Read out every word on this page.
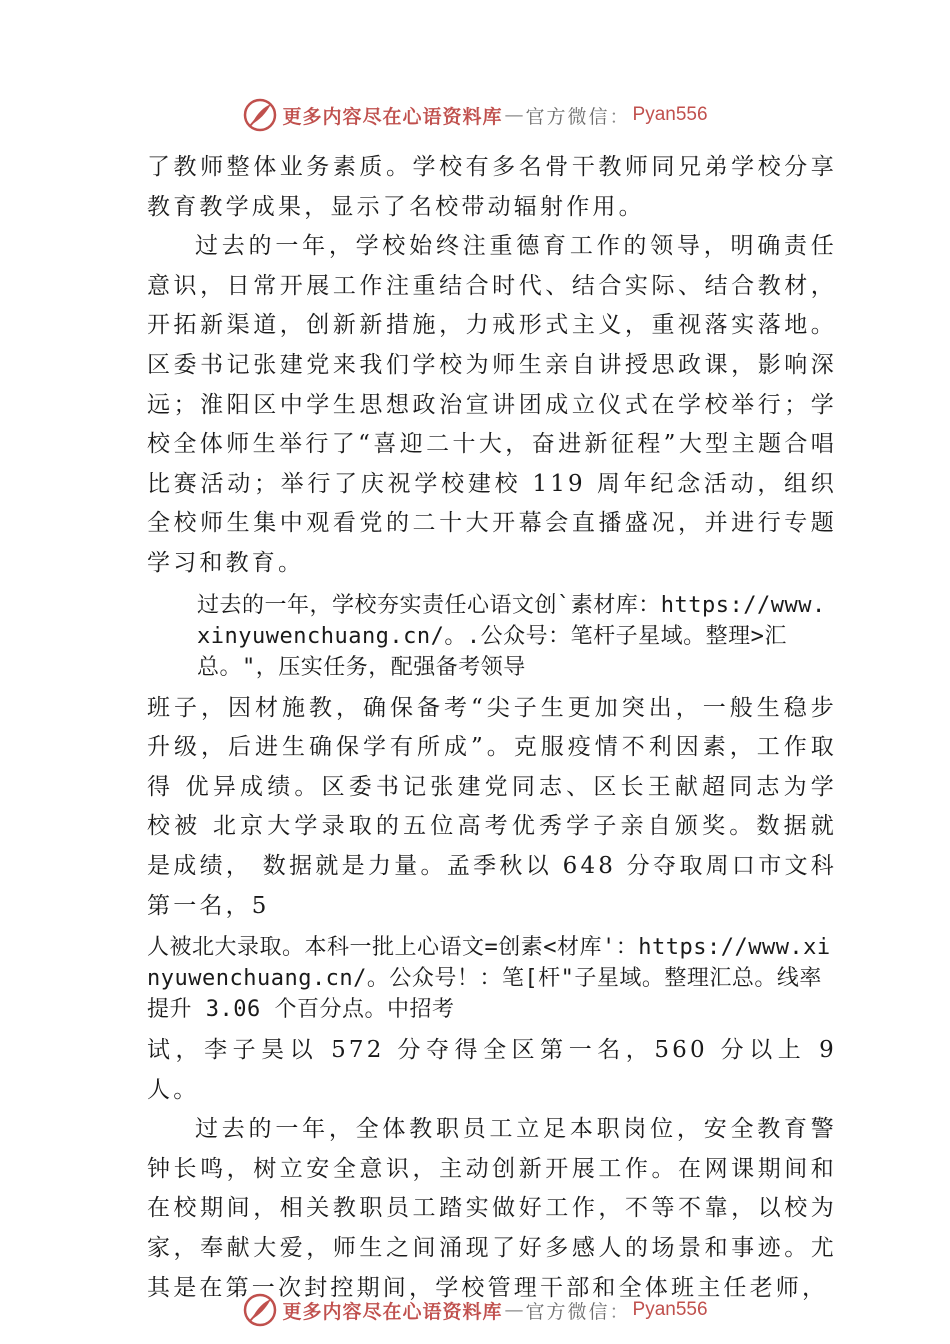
更多内容尽在心语资料库 — 官方微信 ： Pyan556

了教师整体业务素质。学校有多名骨干教师同兄弟学校分享教育教学成果，显示了名校带动辐射作用。

过去的一年，学校始终注重德育工作的领导，明确责任意识，日常开展工作注重结合时代、结合实际、结合教材， 开拓新渠道，创新新措施，力戒形式主义，重视落实落地。 区委书记张建党来我们学校为师生亲自讲授思政课，影响深远；淮阳区中学生思想政治宣讲团成立仪式在学校举行；学校全体师生举行了“喜迎二十大，奋进新征程”大型主题合唱比赛活动；举行了庆祝学校建校 119 周年纪念活动，组织全校师生集中观看党的二十大开幕会直播盛况，并进行专题学习和教育。

过去的一年，学校夯实责任心语文创`素材库：https://www.xinyuwenchuang.cn/。.公众号：笔杆子星域。整理>汇总。"，压实任务，配强备考领导

班子，因材施教，确保备考“尖子生更加突出，一般生稳步升级，后进生确保学有所成”。克服疫情不利因素，工作取得 优异成绩。区委书记张建党同志、区长王献超同志为学校被 北京大学录取的五位高考优秀学子亲自颁奖。数据就是成绩， 数据就是力量。孟季秋以 648 分夺取周口市文科第一名，5

人被北大录取。本科一批上心语文=创素<材库'：https://www.xinyuwenchuang.cn/。公众号！：笔[杆"子星域。整理汇总。线率提升 3.06 个百分点。中招考

试，李子昊以 572 分夺得全区第一名，560 分以上 9 人。

过去的一年，全体教职员工立足本职岗位，安全教育警钟长鸣，树立安全意识，主动创新开展工作。在网课期间和在校期间，相关教职员工踏实做好工作，不等不靠，以校为家，奉献大爱，师生之间涌现了好多感人的场景和事迹。尤其是在第一次封控期间，学校管理干部和全体班主任老师，

更多内容尽在心语资料库 — 官方微信 ： Pyan556
